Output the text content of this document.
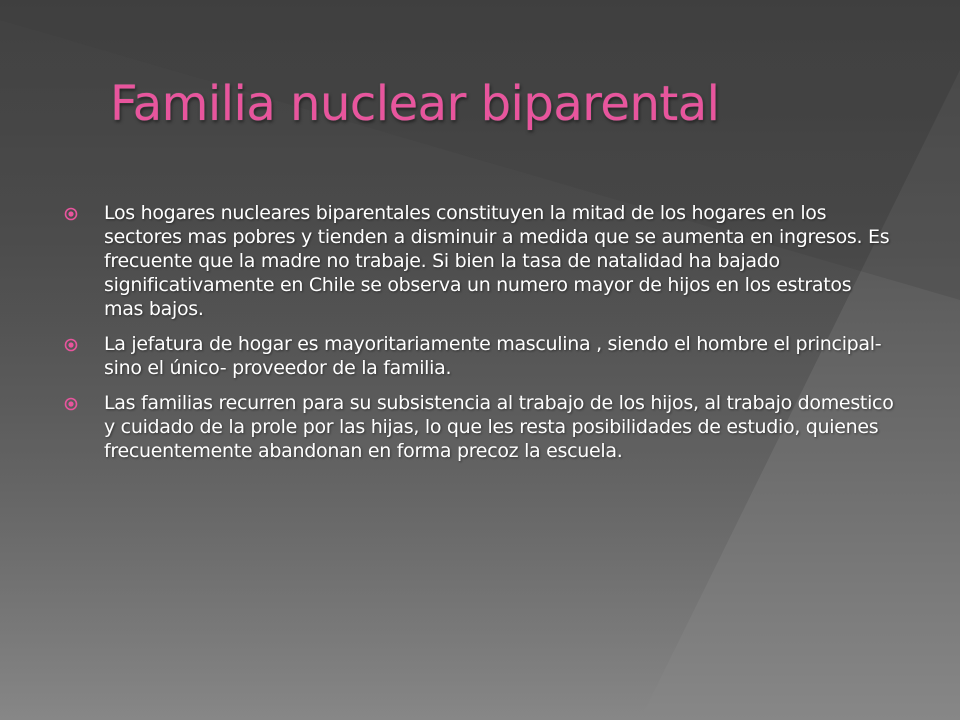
Familia nuclear biparental
Los hogares nucleares biparentales constituyen la mitad de los hogares en los sectores mas pobres y tienden a disminuir a medida que se aumenta en ingresos. Es frecuente que la madre no trabaje. Si bien la tasa de natalidad ha bajado significativamente en Chile se observa un numero mayor de hijos en los estratos mas bajos.
La jefatura de hogar es mayoritariamente masculina , siendo el hombre el principal- sino el único- proveedor de la familia.
Las familias recurren para su subsistencia al trabajo de los hijos, al trabajo domestico y cuidado de la prole por las hijas, lo que les resta posibilidades de estudio, quienes frecuentemente abandonan en forma precoz la escuela.
